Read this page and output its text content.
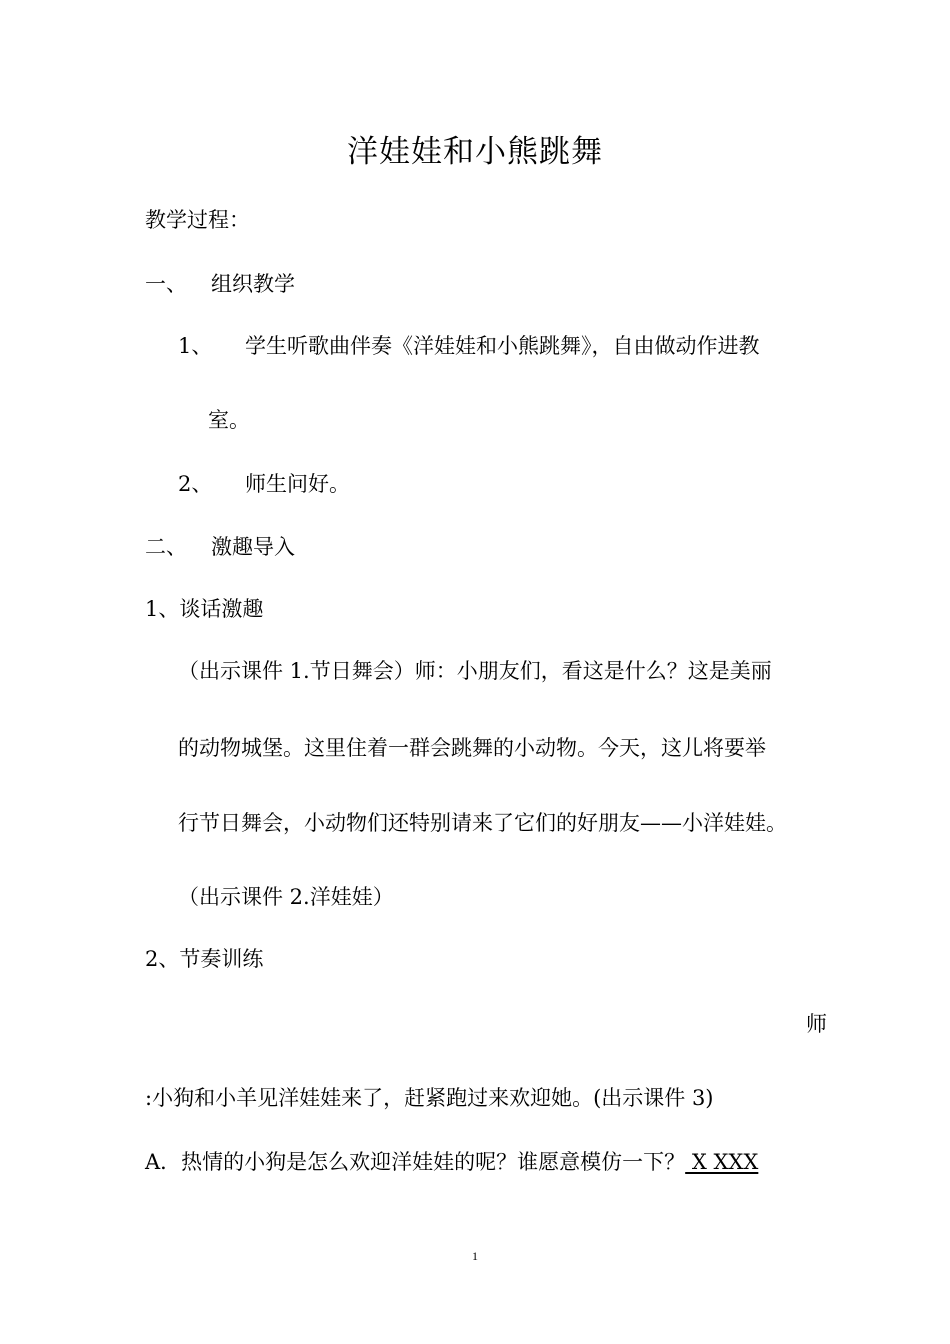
洋娃娃和小熊跳舞
教学过程：
一、 组织教学
1、 学生听歌曲伴奏《洋娃娃和小熊跳舞》，自由做动作进教
室。
2、 师生问好。
二、 激趣导入
1、谈话激趣
（出示课件 1.节日舞会）师：小朋友们，看这是什么？这是美丽
的动物城堡。这里住着一群会跳舞的小动物。今天，这儿将要举
行节日舞会，小动物们还特别请来了它们的好朋友——小洋娃娃。
（出示课件 2.洋娃娃）
2、节奏训练
师
:小狗和小羊见洋娃娃来了，赶紧跑过来欢迎她。(出示课件 3)
A．热情的小狗是怎么欢迎洋娃娃的呢？谁愿意模仿一下？ X XXX
1
